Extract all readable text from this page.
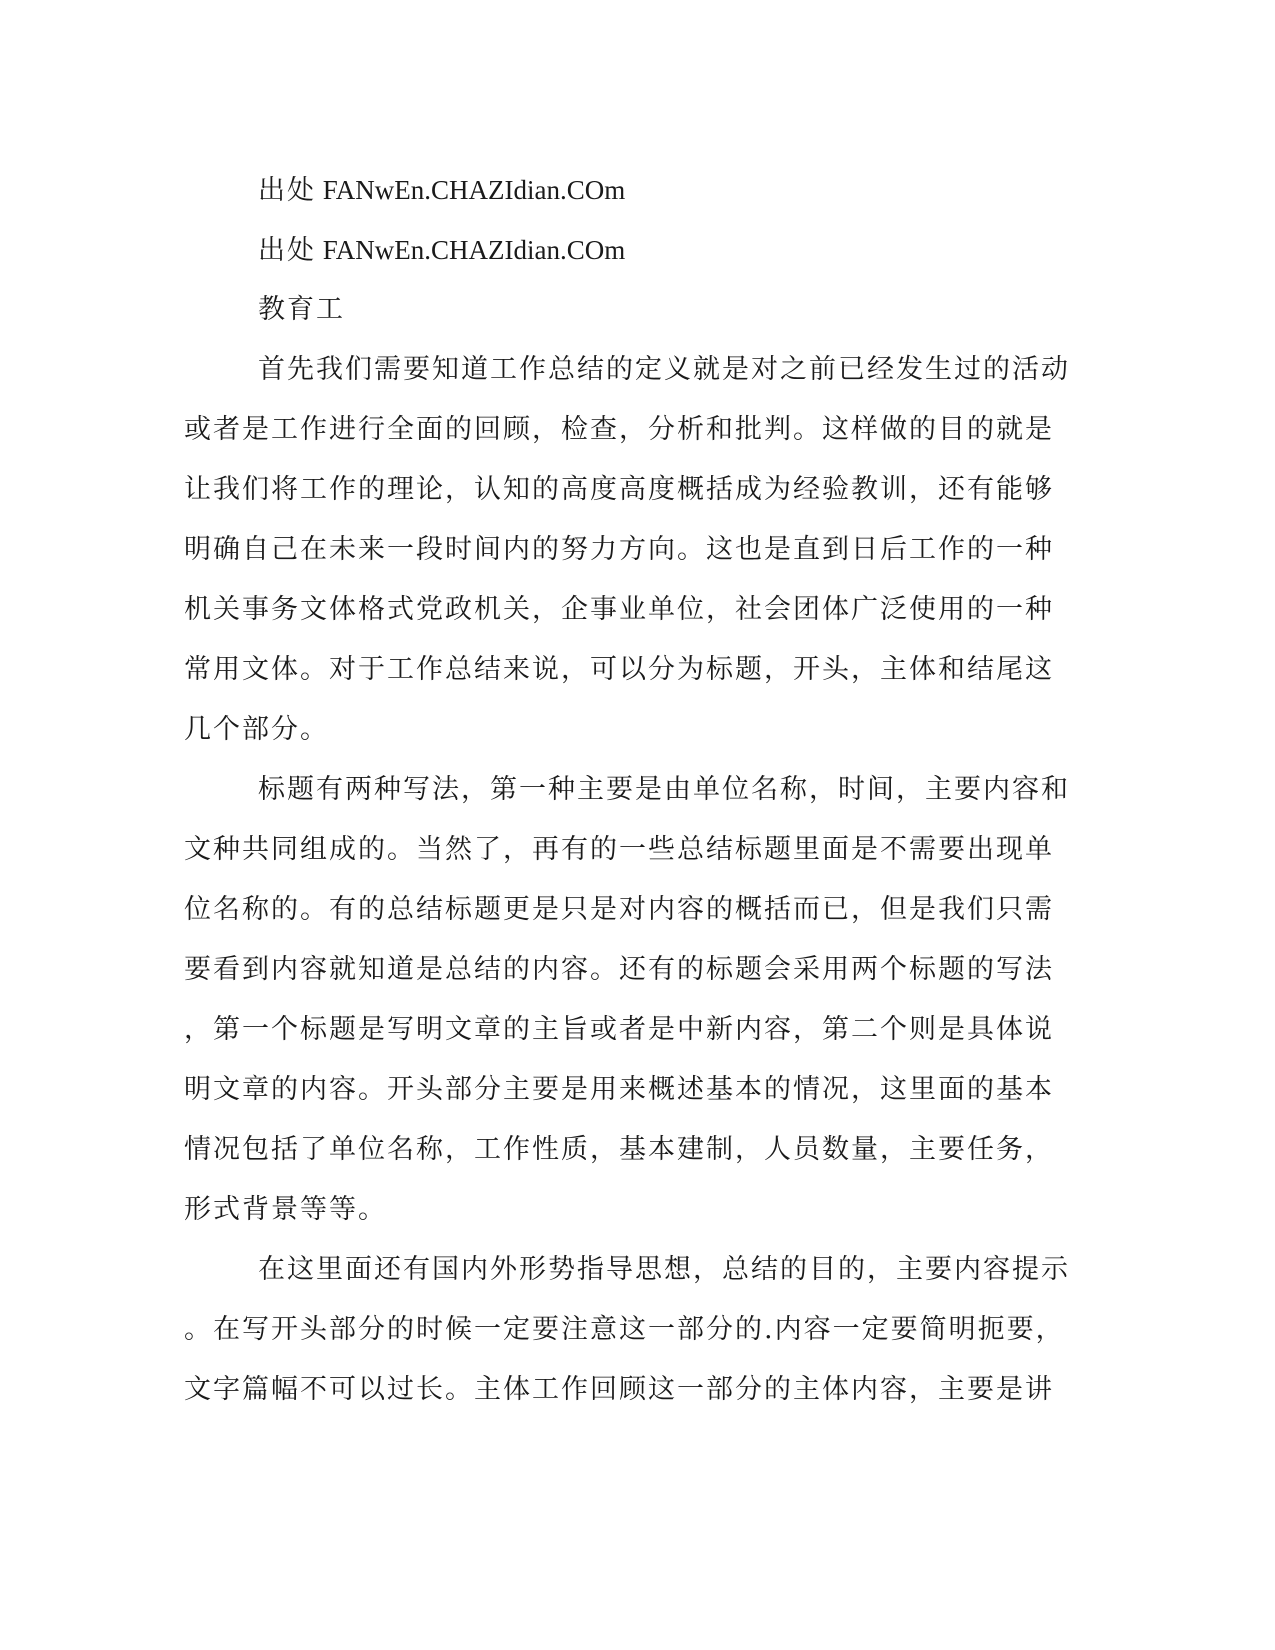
出处 FANwEn.CHAZIdian.COm
出处 FANwEn.CHAZIdian.COm
教育工
首先我们需要知道工作总结的定义就是对之前已经发生过的活动
或者是工作进行全面的回顾，检查，分析和批判。这样做的目的就是
让我们将工作的理论，认知的高度高度概括成为经验教训，还有能够
明确自己在未来一段时间内的努力方向。这也是直到日后工作的一种
机关事务文体格式党政机关，企事业单位，社会团体广泛使用的一种
常用文体。对于工作总结来说，可以分为标题，开头，主体和结尾这
几个部分。
标题有两种写法，第一种主要是由单位名称，时间，主要内容和
文种共同组成的。当然了，再有的一些总结标题里面是不需要出现单
位名称的。有的总结标题更是只是对内容的概括而已，但是我们只需
要看到内容就知道是总结的内容。还有的标题会采用两个标题的写法
，第一个标题是写明文章的主旨或者是中新内容，第二个则是具体说
明文章的内容。开头部分主要是用来概述基本的情况，这里面的基本
情况包括了单位名称，工作性质，基本建制，人员数量，主要任务，
形式背景等等。
在这里面还有国内外形势指导思想，总结的目的，主要内容提示
。在写开头部分的时候一定要注意这一部分的.内容一定要简明扼要，
文字篇幅不可以过长。主体工作回顾这一部分的主体内容，主要是讲
